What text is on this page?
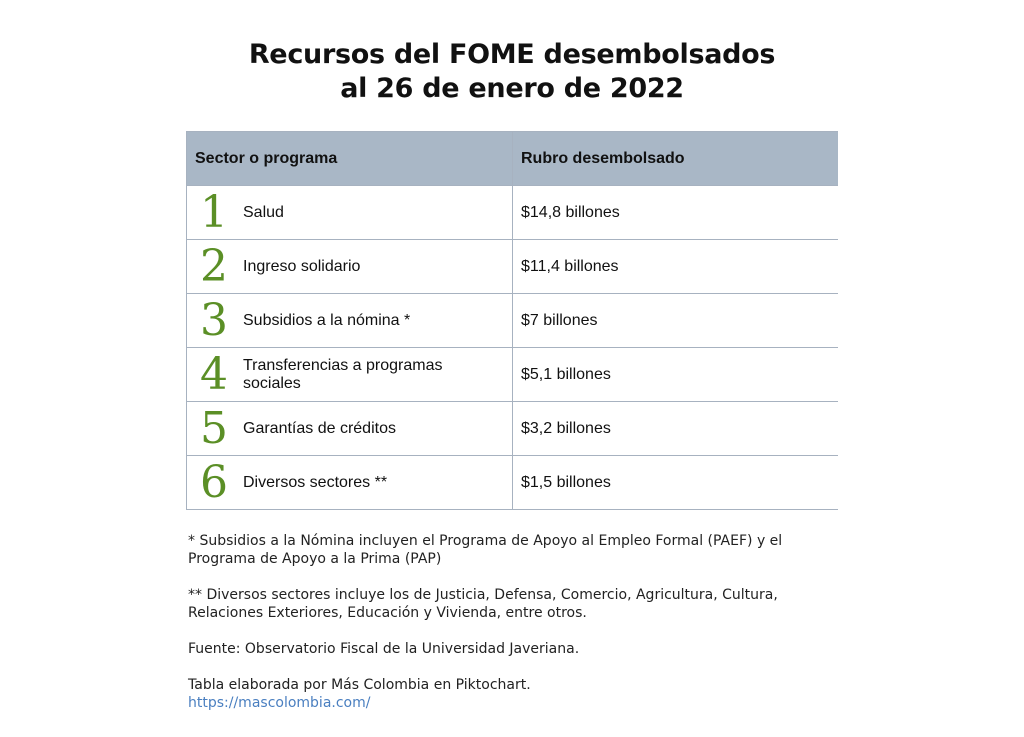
Recursos del FOME desembolsados
al 26 de enero de 2022
Sector o programa	Rubro desembolsado

1 Salud	$14,8 billones

2 Ingreso solidario	$11,4 billones

3 Subsidios a la nómina *	$7 billones

4 Transferencias a programas sociales	$5,1 billones

5 Garantías de créditos	$3,2 billones

6 Diversos sectores **	$1,5 billones

* Subsidios a la Nómina incluyen el Programa de Apoyo al Empleo Formal (PAEF) y el Programa de Apoyo a la Prima (PAP)

** Diversos sectores incluye los de Justicia, Defensa, Comercio, Agricultura, Cultura, Relaciones Exteriores, Educación y Vivienda, entre otros.

Fuente: Observatorio Fiscal de la Universidad Javeriana.

Tabla elaborada por Más Colombia en Piktochart.
https://mascolombia.com/
